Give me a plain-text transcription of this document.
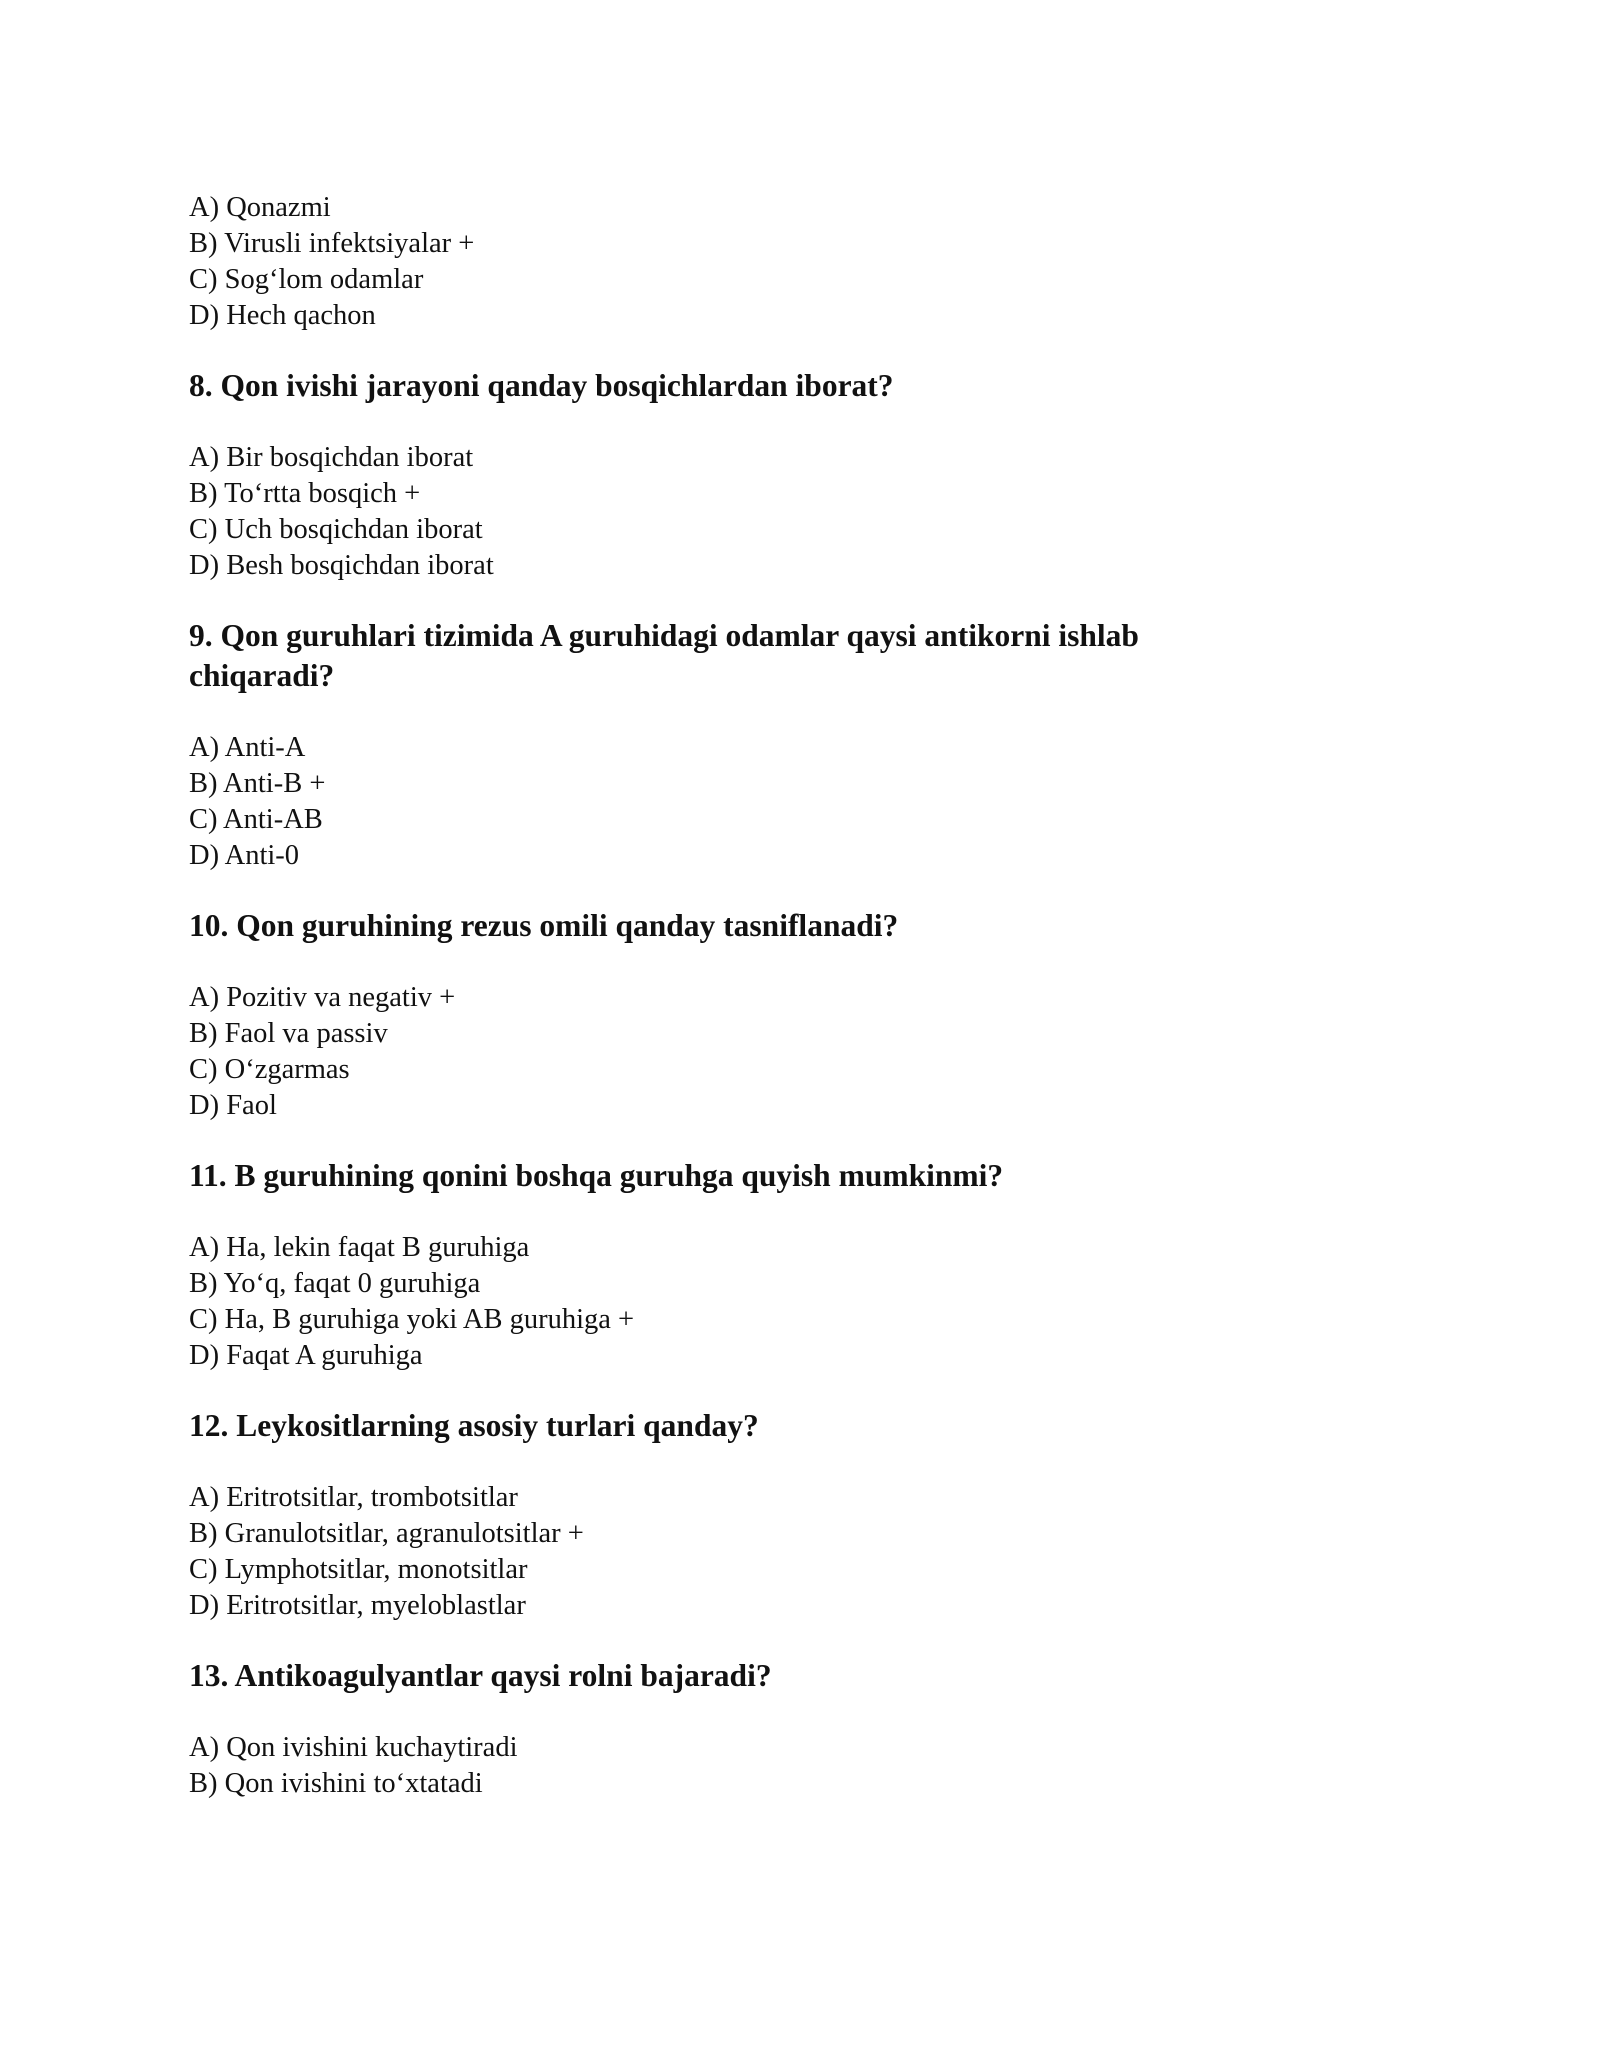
A) Qonazmi
B) Virusli infektsiyalar +
C) Sog‘lom odamlar
D) Hech qachon
8. Qon ivishi jarayoni qanday bosqichlardan iborat?
A) Bir bosqichdan iborat
B) To‘rtta bosqich +
C) Uch bosqichdan iborat
D) Besh bosqichdan iborat
9. Qon guruhlari tizimida A guruhidagi odamlar qaysi antikorni ishlab
chiqaradi?
A) Anti-A
B) Anti-B +
C) Anti-AB
D) Anti-0
10. Qon guruhining rezus omili qanday tasniflanadi?
A) Pozitiv va negativ +
B) Faol va passiv
C) O‘zgarmas
D) Faol
11. B guruhining qonini boshqa guruhga quyish mumkinmi?
A) Ha, lekin faqat B guruhiga
B) Yo‘q, faqat 0 guruhiga
C) Ha, B guruhiga yoki AB guruhiga +
D) Faqat A guruhiga
12. Leykositlarning asosiy turlari qanday?
A) Eritrotsitlar, trombotsitlar
B) Granulotsitlar, agranulotsitlar +
C) Lymphotsitlar, monotsitlar
D) Eritrotsitlar, myeloblastlar
13. Antikoagulyantlar qaysi rolni bajaradi?
A) Qon ivishini kuchaytiradi
B) Qon ivishini to‘xtatadi
